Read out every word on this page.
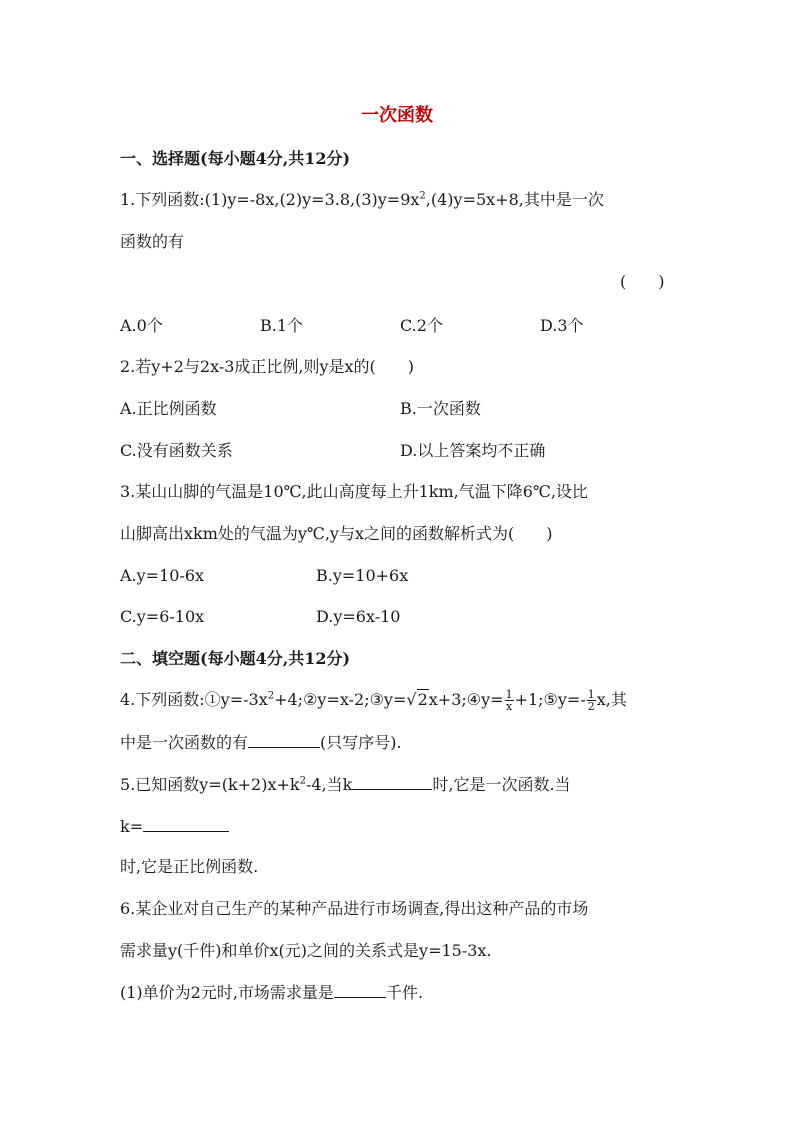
一次函数
一、选择题(每小题4分,共12分)
1.下列函数$:(1)y=-8x,(2)y=3.8,(3)y=9x^2,(4)y=5x+8$,其中是一次
函数的有
(　　)
A.0个	B.1个	C.2个	D.3个
2.若y+2与2x-3成正比例,则y是x的(　　)
A.正比例函数	B.一次函数
C.没有函数关系	D.以上答案均不正确
3.某山山脚的气温是10℃,此山高度每上升1km,气温下降6℃,设比
山脚高出xkm处的气温为y℃,y与x之间的函数解析式为(　　)
A.y=10-6x	B.y=10+6x
C.y=6-10x	D.y=6x-10
二、填空题(每小题4分,共12分)
4.下列函数$:①y=-3x^2+4;②y=x-2;③y=√2x+3;④y= \frac{1}{x}$ +1;⑤y=- $\frac{1}{2} x$,其
中是一次函数的有	(只写序号).
5.已知函数$y=(k+2)x+k^2-4$,当k	时,它是一次函数.当
k=
时,它是正比例函数.
6.某企业对自己生产的某种产品进行市场调查,得出这种产品的市场
需求量y(千件)和单价x(元)之间的关系式是y=15-3x.
(1)单价为2元时,市场需求量是	千件.
